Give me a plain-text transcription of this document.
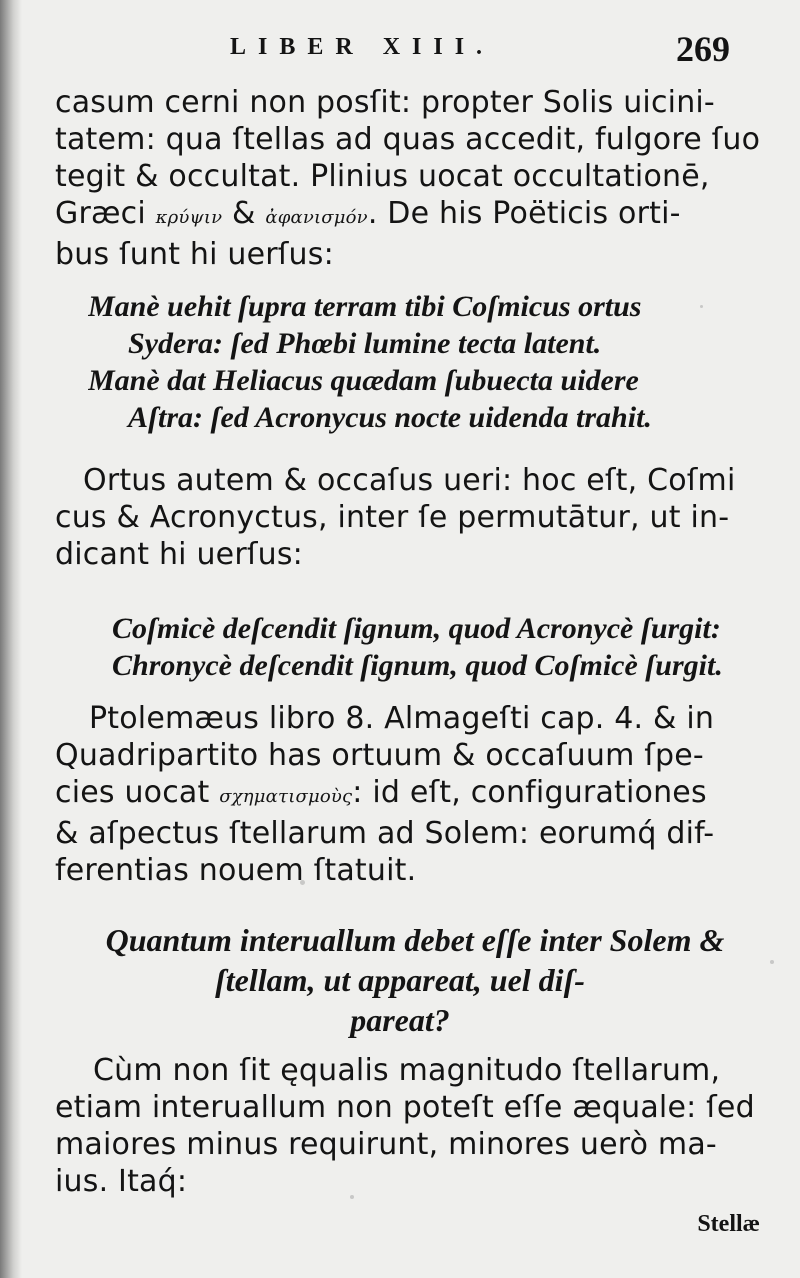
LIBER XIII.	269
casum cerni non posſit: propter Solis uicini-
tatem: qua ſtellas ad quas accedit, fulgore ſuo
tegit & occultat. Plinius uocat occultationē,
Græci κρύψιν & ἀφανισμόν. De his Poëticis orti-
bus ſunt hi uerſus:
Manè uehit ſupra terram tibi Coſmicus ortus
Sydera: ſed Phœbi lumine tecta latent.
Manè dat Heliacus quædam ſubuecta uidere
Aſtra: ſed Acronycus nocte uidenda trahit.
Ortus autem & occaſus ueri: hoc eſt, Coſmi
cus & Acronyctus, inter ſe permutātur, ut in-
dicant hi uerſus:
Coſmicè deſcendit ſignum, quod Acronycè ſurgit:
Chronycè deſcendit ſignum, quod Coſmicè ſurgit.
Ptolemæus libro 8. Almageſti cap. 4. & in
Quadripartito has ortuum & occaſuum ſpe-
cies uocat σχηματισμοὺς: id eſt, configurationes
& aſpectus ſtellarum ad Solem: eorumq́ dif-
ferentias nouem ſtatuit.
Quantum interuallum debet eſſe inter Solem &
ſtellam, ut appareat, uel diſ-
pareat?
Cùm non ſit ęqualis magnitudo ſtellarum,
etiam interuallum non poteſt eſſe æquale: ſed
maiores minus requirunt, minores uerò ma-
ius. Itaq́:
Stellæ
